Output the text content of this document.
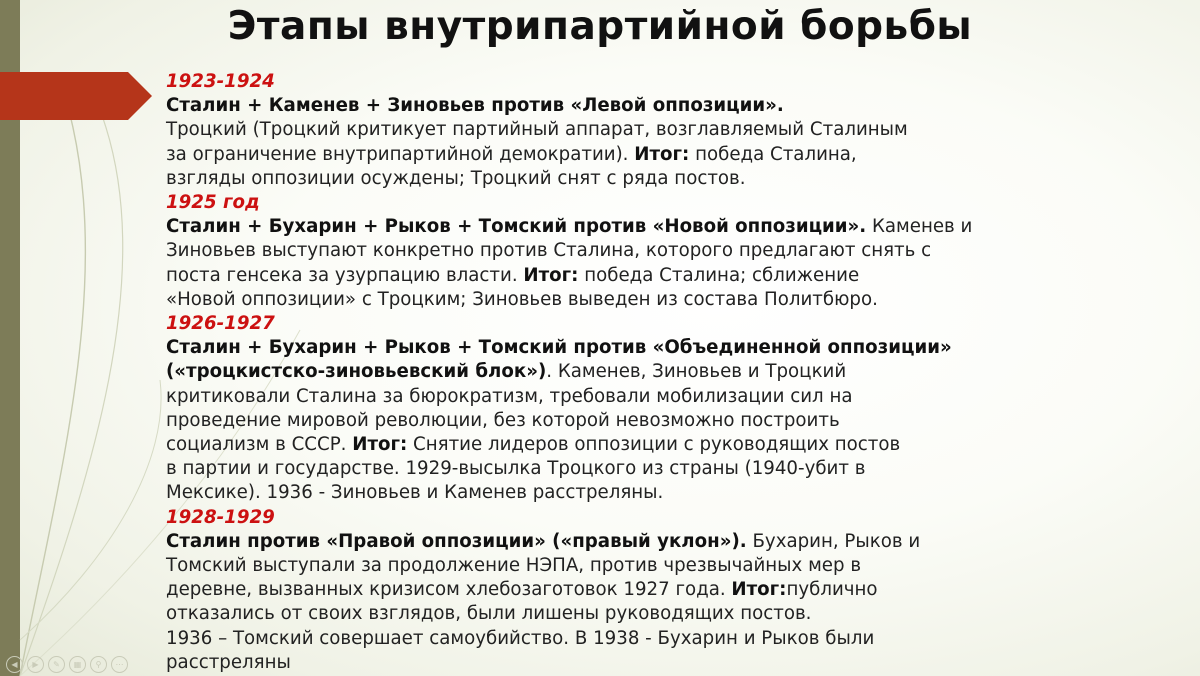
Этапы внутрипартийной борьбы

1923-1924

Сталин + Каменев + Зиновьев против «Левой оппозиции».

Троцкий (Троцкий критикует партийный аппарат, возглавляемый Сталиным

за ограничение внутрипартийной демократии). Итог: победа Сталина,

взгляды оппозиции осуждены; Троцкий снят с ряда постов.

1925 год

Сталин + Бухарин + Рыков + Томский против «Новой оппозиции». Каменев и

Зиновьев выступают конкретно против Сталина, которого предлагают снять с

поста генсека за узурпацию власти. Итог: победа Сталина; сближение

«Новой оппозиции» с Троцким; Зиновьев выведен из состава Политбюро.

1926-1927

Сталин + Бухарин + Рыков + Томский против «Объединенной оппозиции»

(«троцкистско-зиновьевский блок»). Каменев, Зиновьев и Троцкий

критиковали Сталина за бюрократизм, требовали мобилизации сил на

проведение мировой революции, без которой невозможно построить

социализм в СССР. Итог: Снятие лидеров оппозиции с руководящих постов

в партии и государстве. 1929-высылка Троцкого из страны (1940-убит в

Мексике). 1936 - Зиновьев и Каменев расстреляны.

1928-1929

Сталин против «Правой оппозиции» («правый уклон»). Бухарин, Рыков и

Томский выступали за продолжение НЭПА, против чрезвычайных мер в

деревне, вызванных кризисом хлебозаготовок 1927 года. Итог:публично

отказались от своих взглядов, были лишены руководящих постов.

1936 – Томский совершает самоубийство. В 1938 - Бухарин и Рыков были

расстреляны

◀	▶	✎	▦	⚲	⋯
